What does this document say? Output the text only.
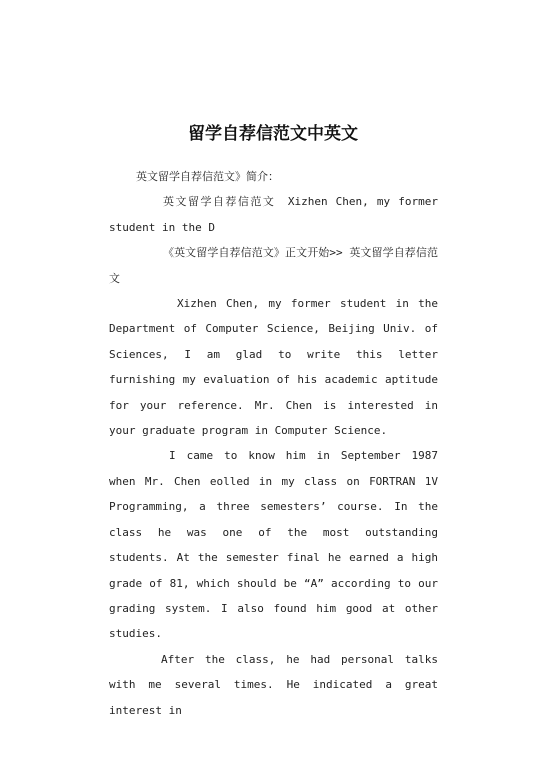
留学自荐信范文中英文

英文留学自荐信范文》简介：

英文留学自荐信范文　Xizhen Chen, my former student in the D

《英文留学自荐信范文》正文开始>> 英文留学自荐信范文

Xizhen Chen, my former student in the Department of Computer Science, Beijing Univ. of Sciences, I am glad to write this letter furnishing my evaluation of his academic aptitude for your reference. Mr. Chen is interested in your graduate program in Computer Science.

I came to know him in September 1987 when Mr. Chen eolled in my class on FORTRAN 1V Programming, a three semesters’ course. In the class he was one of the most outstanding students. At the semester final he earned a high grade of 81, which should be “A” according to our grading system. I also found him good at other studies.

After the class, he had personal talks with me several times. He indicated a great interest in
